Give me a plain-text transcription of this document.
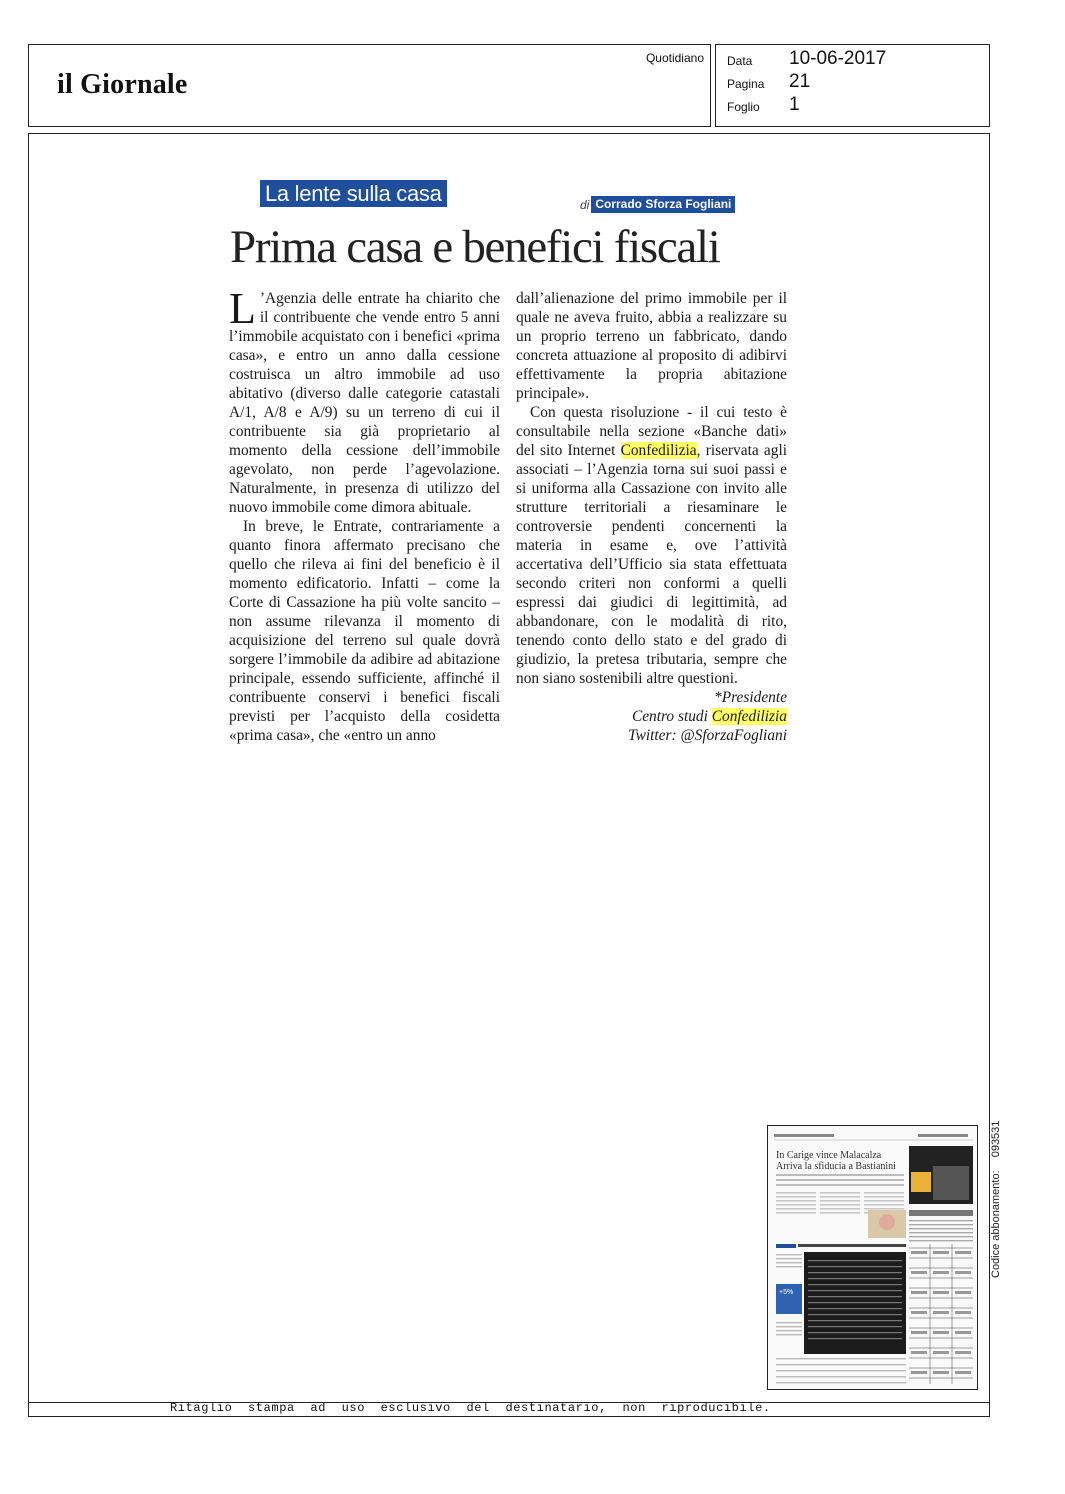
il Giornale
Quotidiano Data 10-06-2017
Pagina 21
Foglio 1
La lente sulla casa	di Corrado Sforza Fogliani
Prima casa e benefici fiscali

L ’Agenzia delle entrate ha chiarito che il contribuente che vende entro 5 anni l’immobile acquistato con i benefici «prima casa», e entro un anno dalla cessione costruisca un altro immobile ad uso abitativo (diverso dalle categorie catastali A/1, A/8 e A/9) su un terreno di cui il contribuente sia già proprietario al momento della cessione dell’immobile agevolato, non perde l’agevolazione. Naturalmente, in presenza di utilizzo del nuovo immobile come dimora abituale.

In breve, le Entrate, contrariamente a quanto finora affermato precisano che quello che rileva ai fini del beneficio è il momento edificatorio. Infatti – come la Corte di Cassazione ha più volte sancito – non assume rilevanza il momento di acquisizione del terreno sul quale dovrà sorgere l’immobile da adibire ad abitazione principale, essendo sufficiente, affinché il contribuente conservi i benefici fiscali previsti per l’acquisto della cosidetta «prima casa», che «entro un anno

dall’alienazione del primo immobile per il quale ne aveva fruito, abbia a realizzare su un proprio terreno un fabbricato, dando concreta attuazione al proposito di adibirvi effettivamente la propria abitazione principale».

Con questa risoluzione - il cui testo è consultabile nella sezione «Banche dati» del sito Internet Confedilizia, riservata agli associati – l’Agenzia torna sui suoi passi e si uniforma alla Cassazione con invito alle strutture territoriali a riesaminare le controversie pendenti concernenti la materia in esame e, ove l’attività accertativa dell’Ufficio sia stata effettuata secondo criteri non conformi a quelli espressi dai giudici di legittimità, ad abbandonare, con le modalità di rito, tenendo conto dello stato e del grado di giudizio, la pretesa tributaria, sempre che non siano sostenibili altre questioni.

*Presidente
Centro studi Confedilizia
Twitter: @SforzaFogliani
In Carige vince Malacalza
Arriva la sfiducia a Bastianini
+5%
Codice abbonamento: 093531
Ritaglio  stampa  ad  uso  esclusivo  del  destinatario,  non  riproducibile.
